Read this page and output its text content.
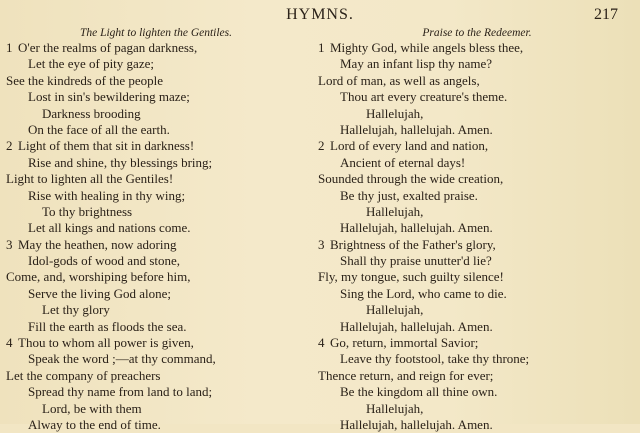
HYMNS.	217
The Light to lighten the Gentiles.
1 O'er the realms of pagan darkness,
Let the eye of pity gaze;
See the kindreds of the people
Lost in sin's bewildering maze;
Darkness brooding
On the face of all the earth.
2 Light of them that sit in darkness!
Rise and shine, thy blessings bring;
Light to lighten all the Gentiles!
Rise with healing in thy wing;
To thy brightness
Let all kings and nations come.
3 May the heathen, now adoring
Idol-gods of wood and stone,
Come, and, worshiping before him,
Serve the living God alone;
Let thy glory
Fill the earth as floods the sea.
4 Thou to whom all power is given,
Speak the word ;—at thy command,
Let the company of preachers
Spread thy name from land to land;
Lord, be with them
Alway to the end of time.
Praise to the Redeemer.
1 Mighty God, while angels bless thee,
May an infant lisp thy name?
Lord of man, as well as angels,
Thou art every creature's theme.
Hallelujah,
Hallelujah, hallelujah. Amen.
2 Lord of every land and nation,
Ancient of eternal days!
Sounded through the wide creation,
Be thy just, exalted praise.
Hallelujah,
Hallelujah, hallelujah. Amen.
3 Brightness of the Father's glory,
Shall thy praise unutter'd lie?
Fly, my tongue, such guilty silence!
Sing the Lord, who came to die.
Hallelujah,
Hallelujah, hallelujah. Amen.
4 Go, return, immortal Savior;
Leave thy footstool, take thy throne;
Thence return, and reign for ever;
Be the kingdom all thine own.
Hallelujah,
Hallelujah, hallelujah. Amen.
